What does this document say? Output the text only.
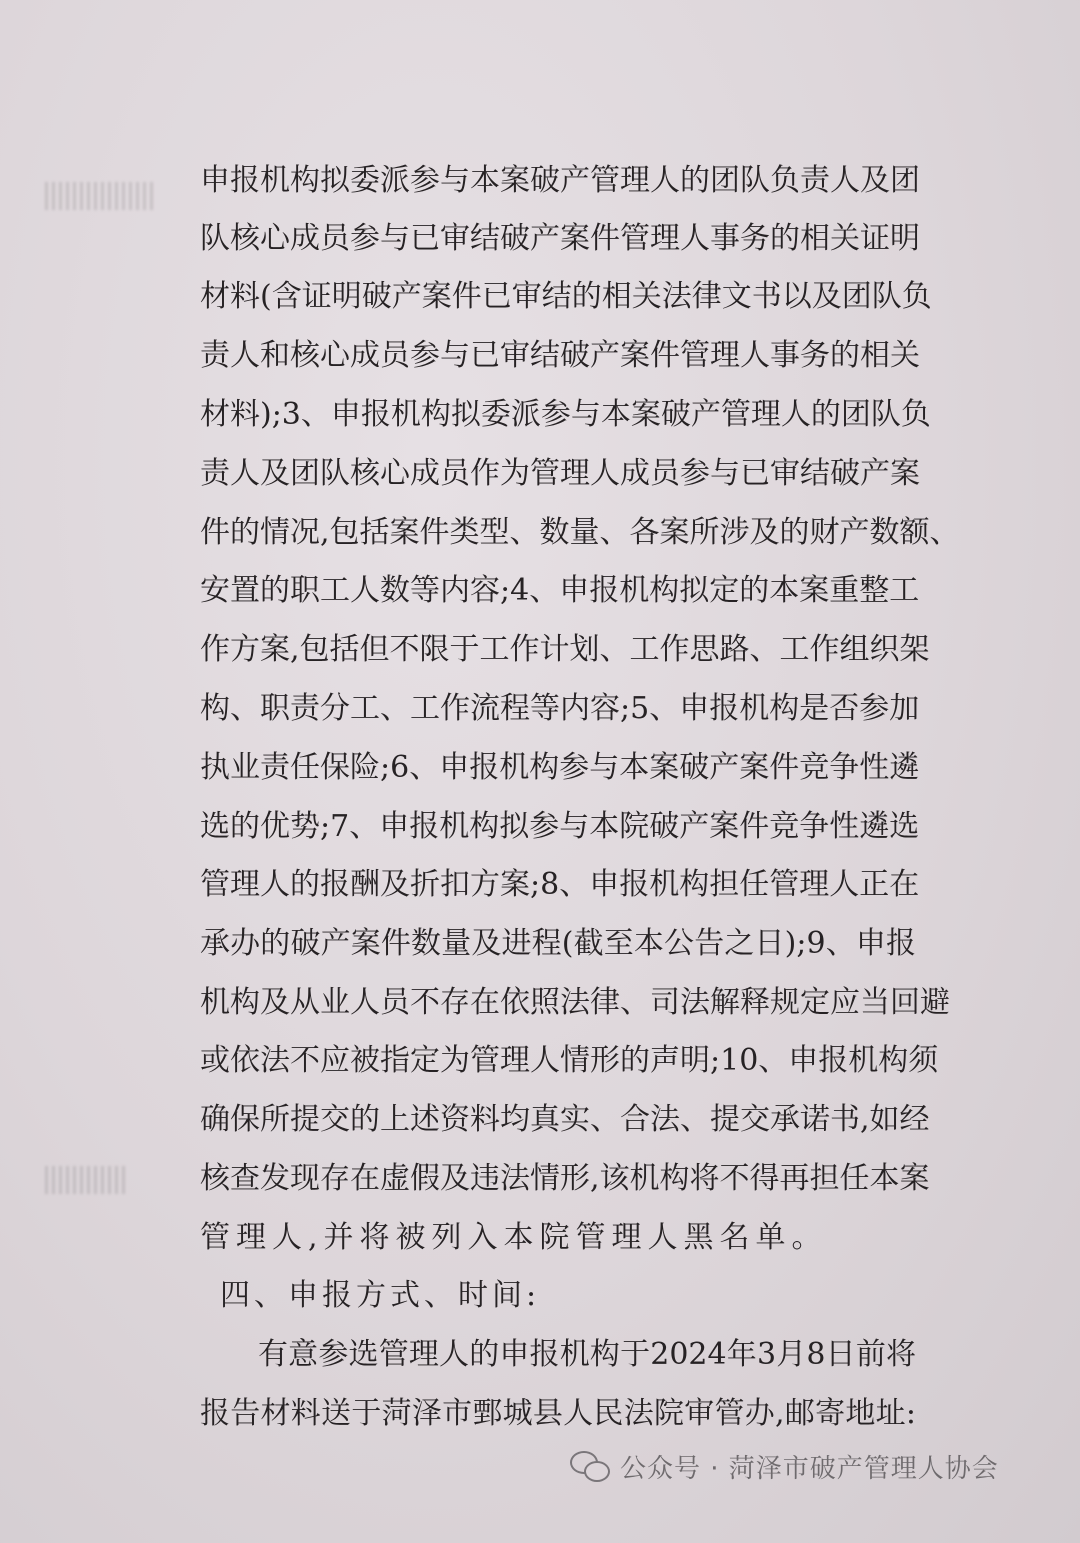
申报机构拟委派参与本案破产管理人的团队负责人及团
队核心成员参与已审结破产案件管理人事务的相关证明
材料(含证明破产案件已审结的相关法律文书以及团队负
责人和核心成员参与已审结破产案件管理人事务的相关
材料);3、申报机构拟委派参与本案破产管理人的团队负
责人及团队核心成员作为管理人成员参与已审结破产案
件的情况,包括案件类型、数量、各案所涉及的财产数额、
安置的职工人数等内容;4、申报机构拟定的本案重整工
作方案,包括但不限于工作计划、工作思路、工作组织架
构、职责分工、工作流程等内容;5、申报机构是否参加
执业责任保险;6、申报机构参与本案破产案件竞争性遴
选的优势;7、申报机构拟参与本院破产案件竞争性遴选
管理人的报酬及折扣方案;8、申报机构担任管理人正在
承办的破产案件数量及进程(截至本公告之日);9、申报
机构及从业人员不存在依照法律、司法解释规定应当回避
或依法不应被指定为管理人情形的声明;10、申报机构须
确保所提交的上述资料均真实、合法、提交承诺书,如经
核查发现存在虚假及违法情形,该机构将不得再担任本案
管理人,并将被列入本院管理人黑名单。
四、申报方式、时间:
有意参选管理人的申报机构于2024年3月8日前将
报告材料送于菏泽市鄄城县人民法院审管办,邮寄地址:
公众号 · 菏泽市破产管理人协会
